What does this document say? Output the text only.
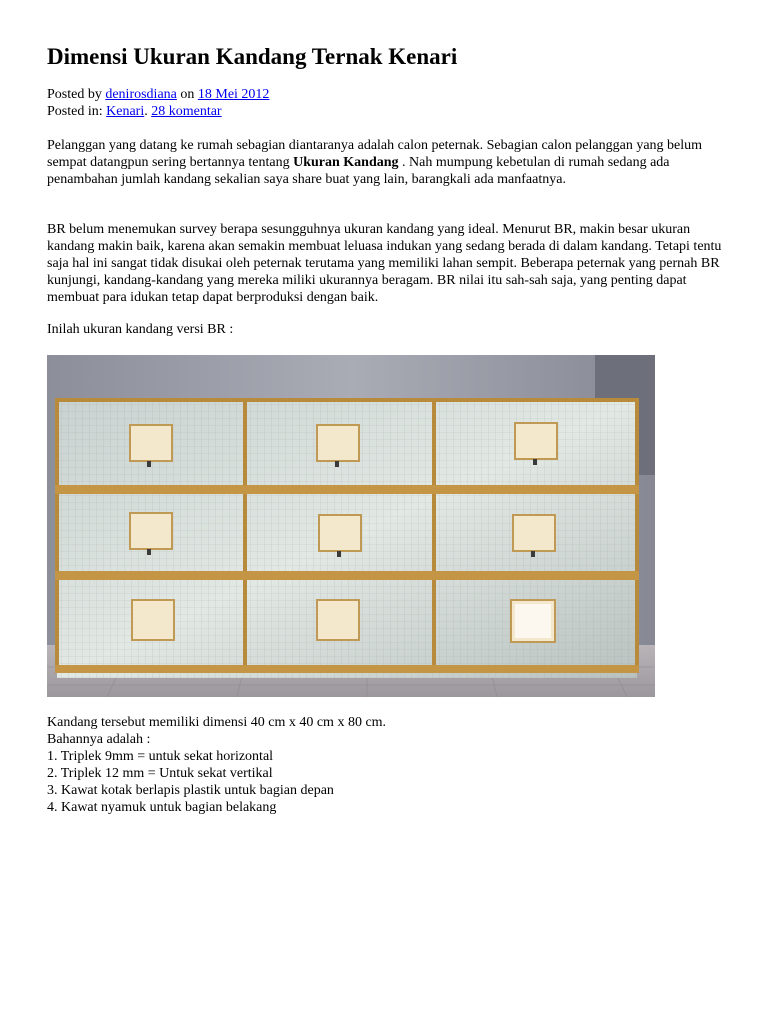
Dimensi Ukuran Kandang Ternak Kenari
Posted by denirosdiana on 18 Mei 2012
Posted in: Kenari. 28 komentar

Pelanggan yang datang ke rumah sebagian diantaranya adalah calon peternak. Sebagian calon pelanggan yang belum sempat datangpun sering bertannya tentang Ukuran Kandang . Nah mumpung kebetulan di rumah sedang ada penambahan jumlah kandang sekalian saya share buat yang lain, barangkali ada manfaatnya.

BR belum menemukan survey berapa sesungguhnya ukuran kandang yang ideal. Menurut BR, makin besar ukuran kandang makin baik, karena akan semakin membuat leluasa indukan yang sedang berada di dalam kandang. Tetapi tentu saja hal ini sangat tidak disukai oleh peternak terutama yang memiliki lahan sempit. Beberapa peternak yang pernah BR kunjungi, kandang-kandang yang mereka miliki ukurannya beragam. BR nilai itu sah-sah saja, yang penting dapat membuat para idukan tetap dapat berproduksi dengan baik.

Inilah ukuran kandang versi BR :

Kandang tersebut memiliki dimensi 40 cm x 40 cm x 80 cm.
Bahannya adalah :
1. Triplek 9mm = untuk sekat horizontal
2. Triplek 12 mm = Untuk sekat vertikal
3. Kawat kotak berlapis plastik untuk bagian depan
4. Kawat nyamuk untuk bagian belakang
